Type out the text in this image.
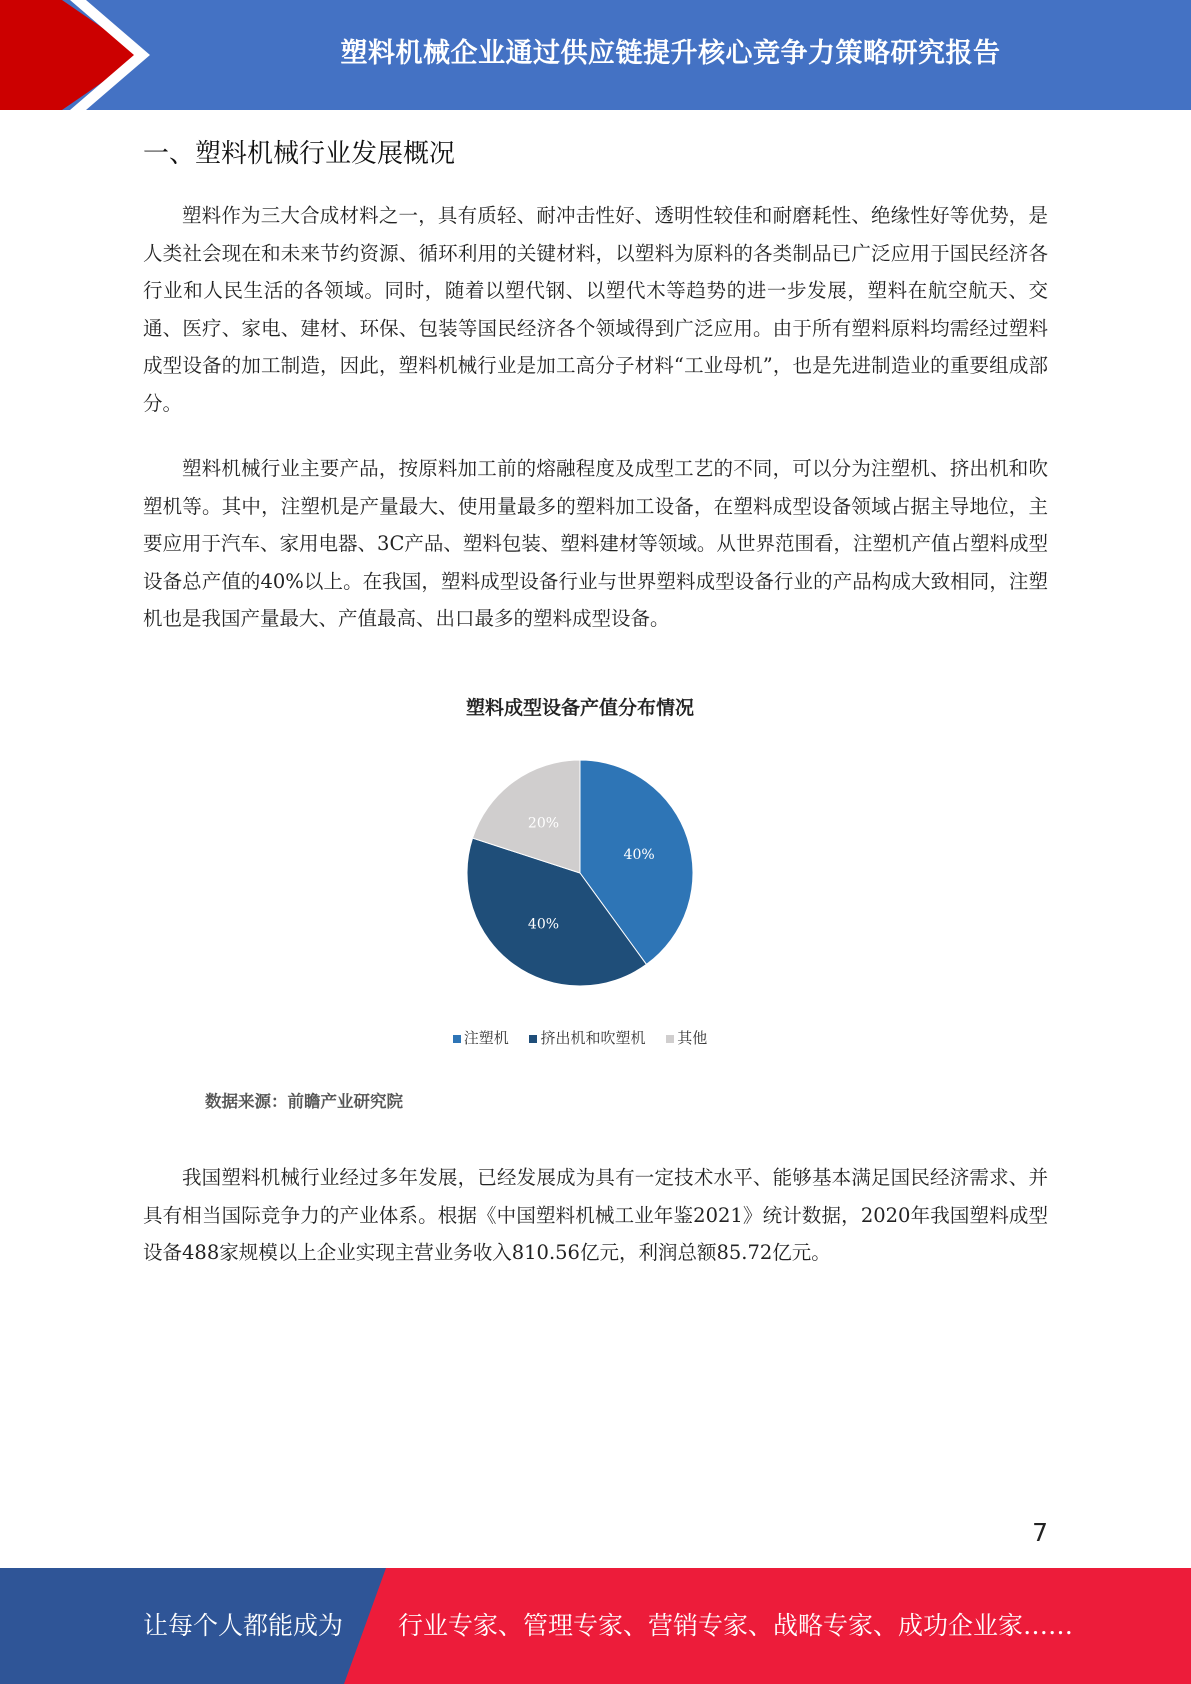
塑料机械企业通过供应链提升核心竞争力策略研究报告
一、塑料机械行业发展概况

塑料作为三大合成材料之一，具有质轻、耐冲击性好、透明性较佳和耐磨耗性、绝缘性好等优势，是人类社会现在和未来节约资源、循环利用的关键材料，以塑料为原料的各类制品已广泛应用于国民经济各行业和人民生活的各领域。同时，随着以塑代钢、以塑代木等趋势的进一步发展，塑料在航空航天、交通、医疗、家电、建材、环保、包装等国民经济各个领域得到广泛应用。由于所有塑料原料均需经过塑料成型设备的加工制造，因此，塑料机械行业是加工高分子材料“工业母机”，也是先进制造业的重要组成部分。

塑料机械行业主要产品，按原料加工前的熔融程度及成型工艺的不同，可以分为注塑机、挤出机和吹塑机等。其中，注塑机是产量最大、使用量最多的塑料加工设备，在塑料成型设备领域占据主导地位，主要应用于汽车、家用电器、3C产品、塑料包装、塑料建材等领域。从世界范围看，注塑机产值占塑料成型设备总产值的40%以上。在我国，塑料成型设备行业与世界塑料成型设备行业的产品构成大致相同，注塑机也是我国产量最大、产值最高、出口最多的塑料成型设备。

塑料成型设备产值分布情况
40%
40%
20%
注塑机 挤出机和吹塑机 其他
数据来源：前瞻产业研究院

我国塑料机械行业经过多年发展，已经发展成为具有一定技术水平、能够基本满足国民经济需求、并具有相当国际竞争力的产业体系。根据《中国塑料机械工业年鉴2021》统计数据，2020年我国塑料成型设备488家规模以上企业实现主营业务收入810.56亿元，利润总额85.72亿元。

7
让每个人都能成为 行业专家、管理专家、营销专家、战略专家、成功企业家……
